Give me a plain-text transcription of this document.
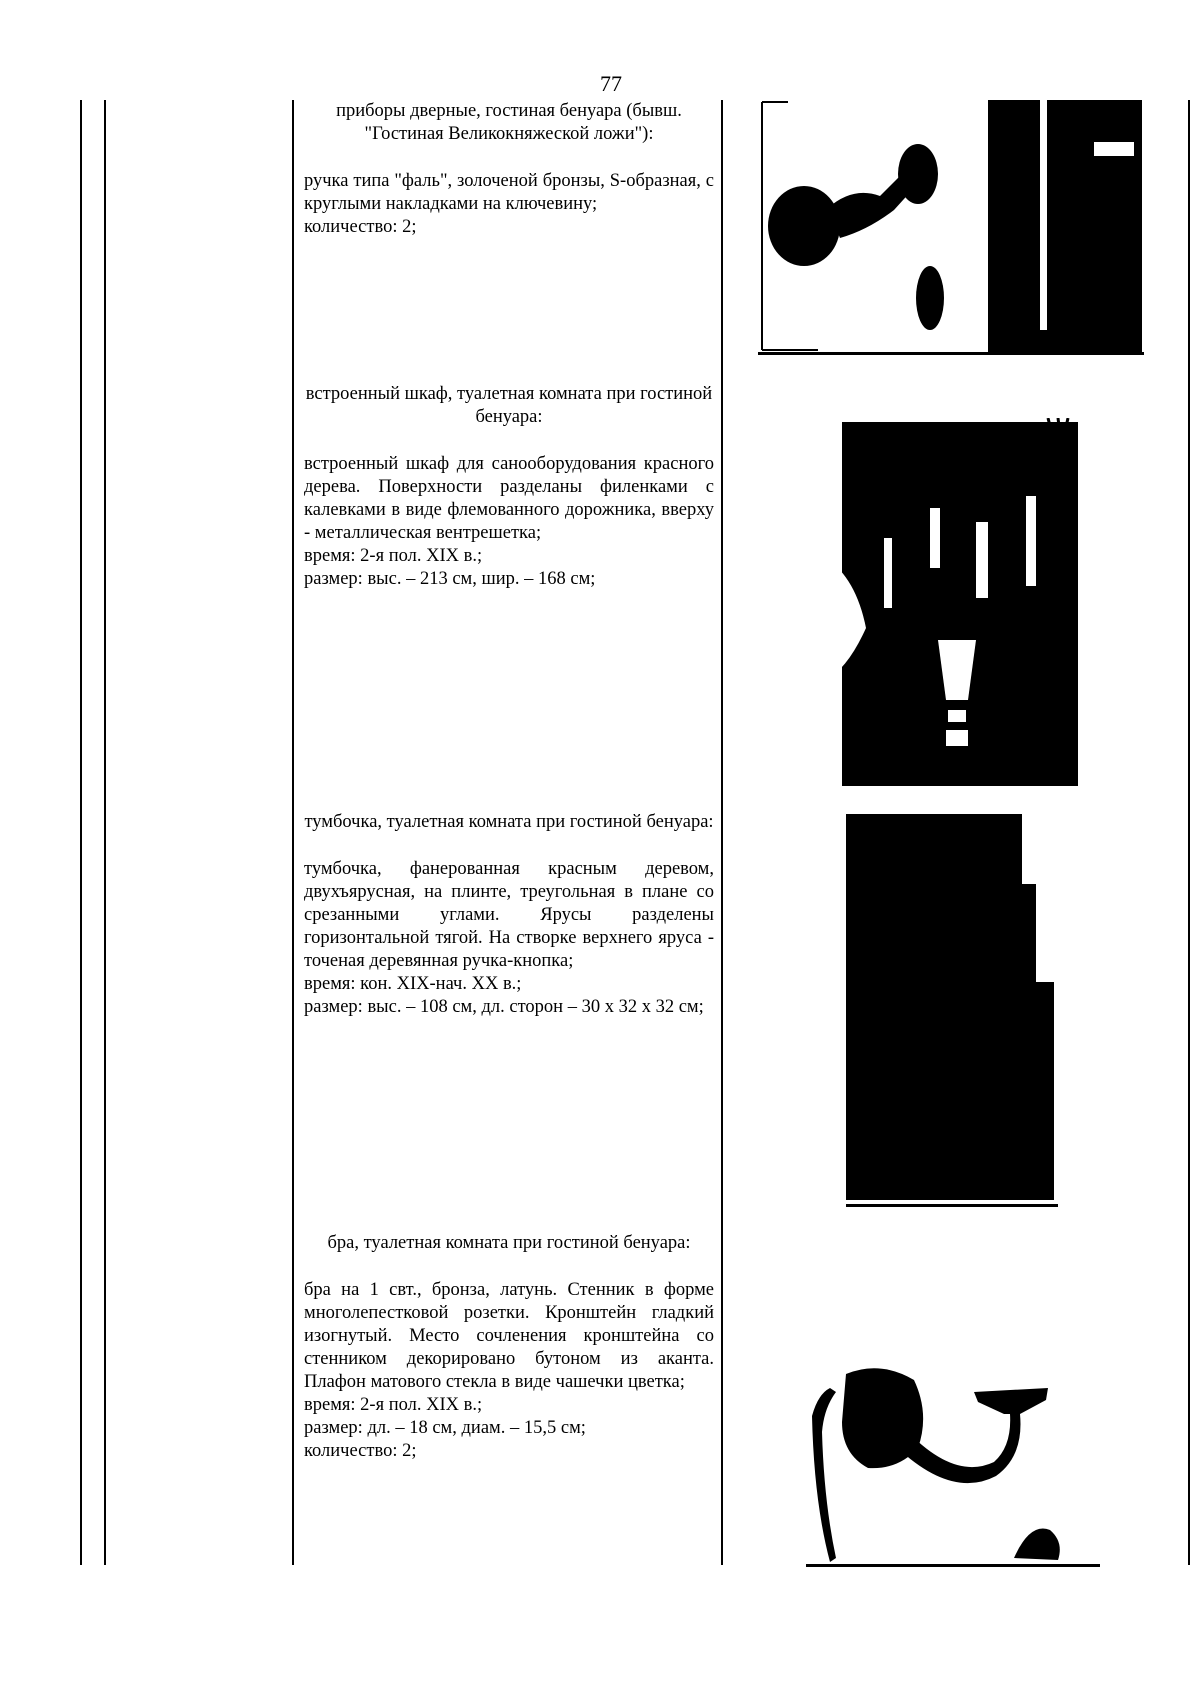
77

приборы дверные, гостиная бенуара (бывш. "Гостиная Великокняжеской ложи"):

ручка типа "фаль", золоченой бронзы, S-образная, с круглыми накладками на ключевину;
количество: 2;

встроенный шкаф, туалетная комната при гостиной бенуара:

встроенный шкаф для санооборудования красного дерева. Поверхности разделаны филенками с калевками в виде флемованного дорожника, вверху - металлическая вентрешетка;
время: 2-я пол. XIX в.;
размер: выс. – 213 см, шир. – 168 см;

тумбочка, туалетная комната при гостиной бенуара:

тумбочка, фанерованная красным деревом, двухъярусная, на плинте, треугольная в плане со срезанными углами. Ярусы разделены горизонтальной тягой. На створке верхнего яруса - точеная деревянная ручка-кнопка;
время: кон. XIX-нач. XX в.;
размер: выс. – 108 см, дл. сторон – 30 х 32 х 32 см;

бра, туалетная комната при гостиной бенуара:

бра на 1 свт., бронза, латунь. Стенник в форме многолепестковой розетки. Кронштейн гладкий изогнутый. Место сочленения кронштейна со стенником декорировано бутоном из аканта. Плафон матового стекла в виде чашечки цветка;
время: 2-я пол. XIX в.;
размер: дл. – 18 см, диам. – 15,5 см;
количество: 2;
